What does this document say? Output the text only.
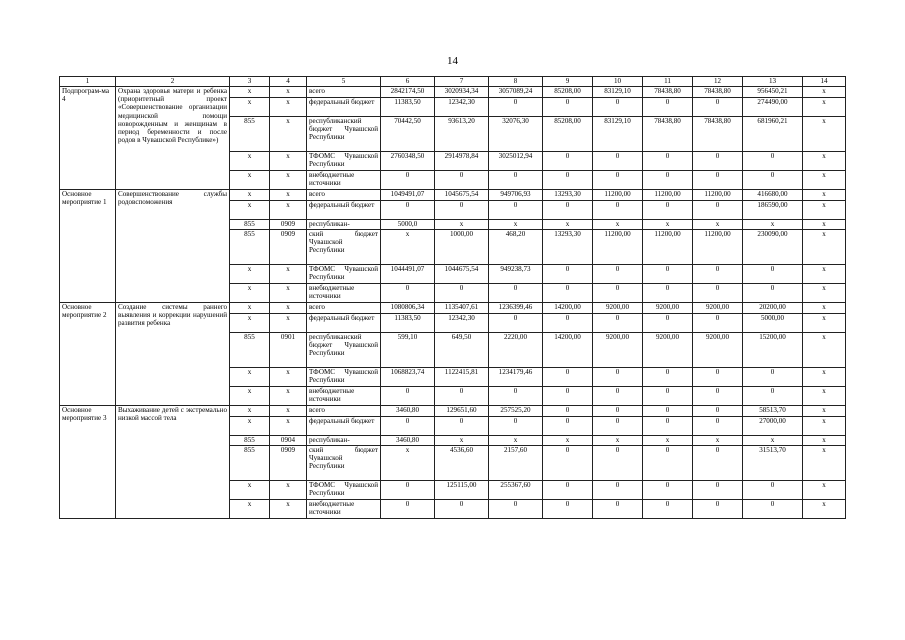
14
1	2	3	4	5	6	7	8	9	10	11	12	13	14
Подпрограм-ма 4	Охрана здоровья матери и ребенка (приоритетный проект «Совершенствование организации медицинской помощи новорожденным и женщинам в период беременности и после родов в Чувашской Республике»)	x	x	всего	2842174,50	3020934,34	3057089,24	85208,00	83129,10	78438,80	78438,80	956450,21	x
		x	x	федеральный бюджет	11383,50	12342,30	0	0	0	0	0	274490,00	x
		855	x	республиканский бюджет Чувашской Республики	70442,50	93613,20	32076,30	85208,00	83129,10	78438,80	78438,80	681960,21	x
		x	x	ТФОМС Чувашской Республики	2760348,50	2914978,84	3025012,94	0	0	0	0	0	x
		x	x	внебюджетные источники	0	0	0	0	0	0	0	0	x
Основное мероприятие 1	Совершенствование службы родовспоможения	x	x	всего	1049491,07	1045675,54	949706,93	13293,30	11200,00	11200,00	11200,00	416680,00	x
		x	x	федеральный бюджет	0	0	0	0	0	0	0	186590,00	x
		855	0909	республикан-	5000,0	x	x	x	x	x	x	x	x
		855	0909	ский бюджет Чувашской Республики	x	1000,00	468,20	13293,30	11200,00	11200,00	11200,00	230090,00	x
		x	x	ТФОМС Чувашской Республики	1044491,07	1044675,54	949238,73	0	0	0	0	0	x
		x	x	внебюджетные источники	0	0	0	0	0	0	0	0	x
Основное мероприятие 2	Создание системы раннего выявления и коррекции нарушений развития ребенка	x	x	всего	1080806,34	1135407,61	1236399,46	14200,00	9200,00	9200,00	9200,00	20200,00	x
		x	x	федеральный бюджет	11383,50	12342,30	0	0	0	0	0	5000,00	x
		855	0901	республиканский бюджет Чувашской Республики	599,10	649,50	2220,00	14200,00	9200,00	9200,00	9200,00	15200,00	x
		x	x	ТФОМС Чувашской Республики	1068823,74	1122415,81	1234179,46	0	0	0	0	0	x
		x	x	внебюджетные источники	0	0	0	0	0	0	0	0	x
Основное мероприятие 3	Выхаживание детей с экстремально низкой массой тела	x	x	всего	3460,80	129651,60	257525,20	0	0	0	0	58513,70	x
		x	x	федеральный бюджет	0	0	0	0	0	0	0	27000,00	x
		855	0904	республикан-	3460,80	x	x	x	x	x	x	x	x
		855	0909	ский бюджет Чувашской Республики	x	4536,60	2157,60	0	0	0	0	31513,70	x
		x	x	ТФОМС Чувашской Республики	0	125115,00	255367,60	0	0	0	0	0	x
		x	x	внебюджетные источники	0	0	0	0	0	0	0	0	x
